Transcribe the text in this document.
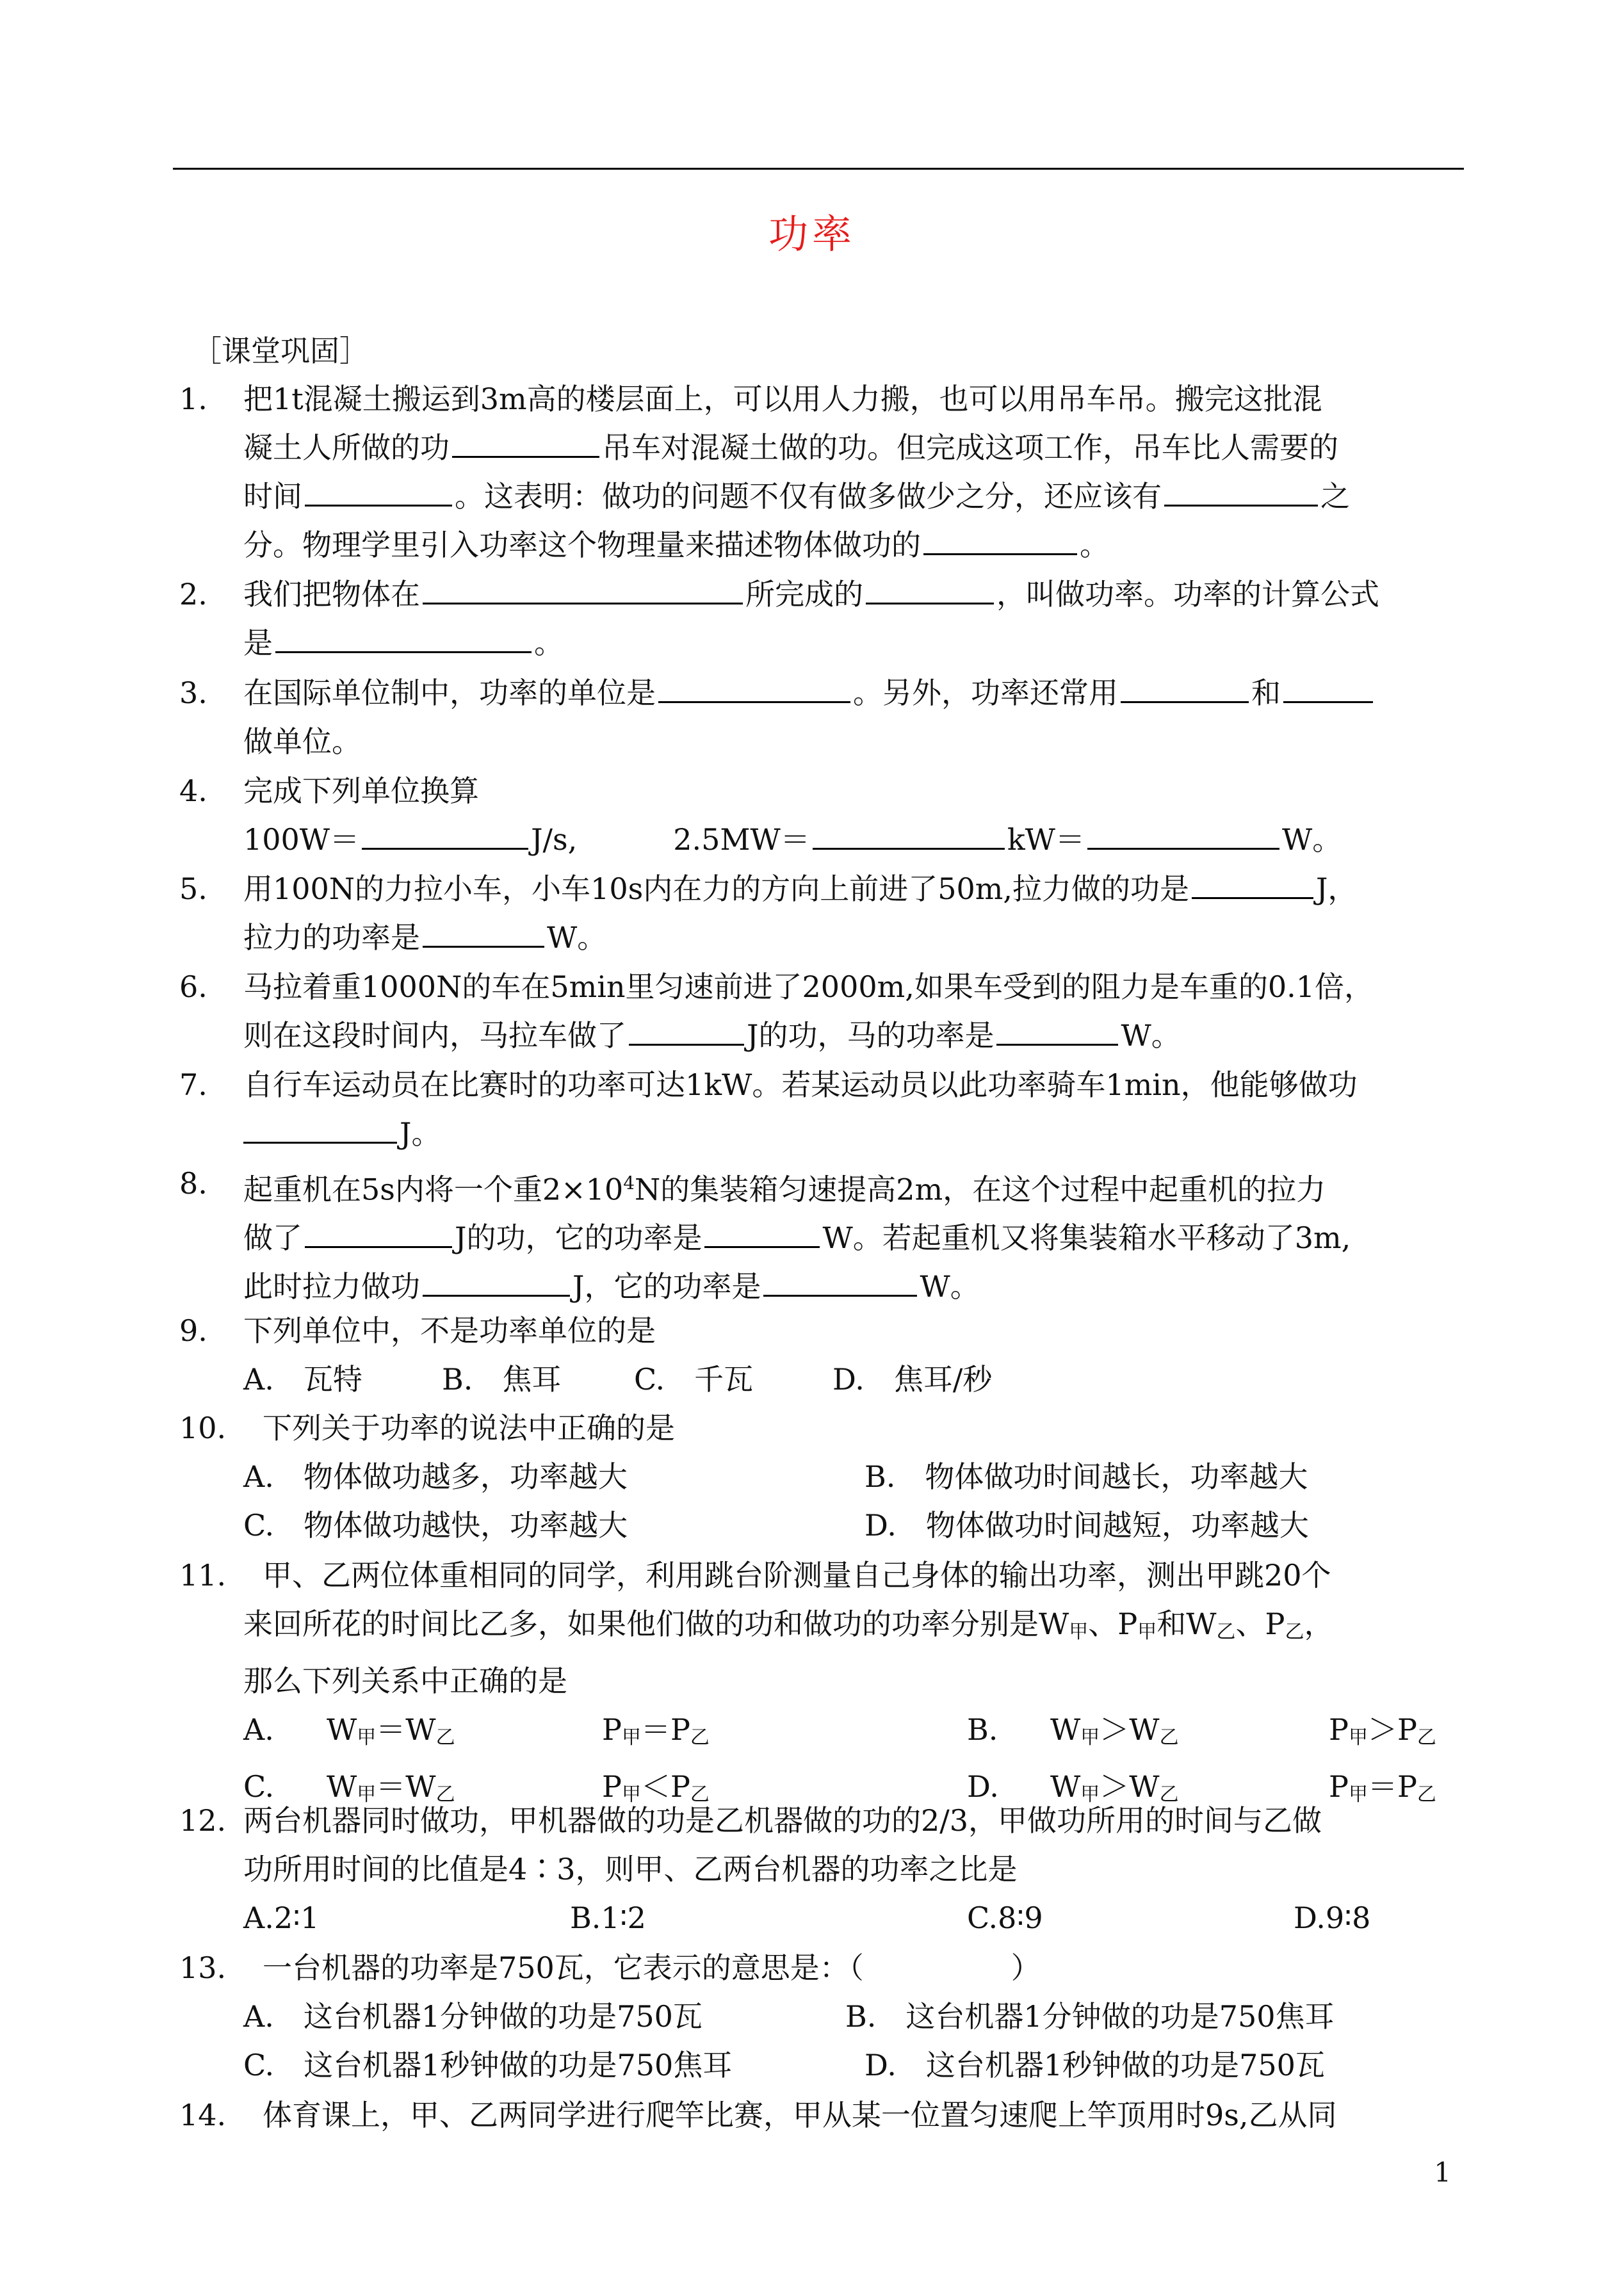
功率
［课堂巩固］
1. 把1t混凝土搬运到3m高的楼层面上，可以用人力搬，也可以用吊车吊。搬完这批混
凝土人所做的功	吊车对混凝土做的功。但完成这项工作，吊车比人需要的
时间	。这表明：做功的问题不仅有做多做少之分，还应该有	之
分。物理学里引入功率这个物理量来描述物体做功的	。
2. 我们把物体在	所完成的	，叫做功率。功率的计算公式
是	。
3. 在国际单位制中，功率的单位是	。另外，功率还常用	和
做单位。
4. 完成下列单位换算
100W＝	J/s,	2.5MW＝	kW＝	W。
5. 用100N的力拉小车，小车10s内在力的方向上前进了50m,拉力做的功是	J，
拉力的功率是	W。
6. 马拉着重1000N的车在5min里匀速前进了2000m,如果车受到的阻力是车重的0.1倍，
则在这段时间内，马拉车做了	J的功，马的功率是	W。
7. 自行车运动员在比赛时的功率可达1kW。若某运动员以此功率骑车1min，他能够做功
J。
8. 起重机在5s内将一个重$2\times 10^4N$的集装箱匀速提高2m，在这个过程中起重机的拉力
做了	J的功，它的功率是	W。若起重机又将集装箱水平移动了3m,
此时拉力做功	J，它的功率是	W。
9. 下列单位中，不是功率单位的是
A.　瓦特	B.　焦耳	C.　千瓦	D.　焦耳/秒
10. 下列关于功率的说法中正确的是
A.　物体做功越多，功率越大	B.　物体做功时间越长，功率越大
C.　物体做功越快，功率越大	D.　物体做功时间越短，功率越大
11. 甲、乙两位体重相同的同学，利用跳台阶测量自己身体的输出功率，测出甲跳20个
来回所花的时间比乙多，如果他们做的功和做功的功率分别是$W_甲$、$P_甲$和$W_乙$、$P_乙$，
那么下列关系中正确的是
A.	$W_甲=W_乙$	$P_甲=P_乙$	B.	$W_甲>W_乙$	$P_甲>P_乙$
C.	$W_甲=W_乙$	$P_甲<P_乙$	D.	$W_甲>W_乙$	$P_甲=P_乙$
12. 两台机器同时做功，甲机器做的功是乙机器做的功的2/3，甲做功所用的时间与乙做
功所用时间的比值是4∶3，则甲、乙两台机器的功率之比是
A.2∶1	B.1∶2	C.8∶9	D.9∶8
13. 一台机器的功率是750瓦，它表示的意思是：（　　　　　）
A.　这台机器1分钟做的功是750瓦	B.　这台机器1分钟做的功是750焦耳
C.　这台机器1秒钟做的功是750焦耳	D.　这台机器1秒钟做的功是750瓦
14. 体育课上，甲、乙两同学进行爬竿比赛，甲从某一位置匀速爬上竿顶用时9s,乙从同
1
